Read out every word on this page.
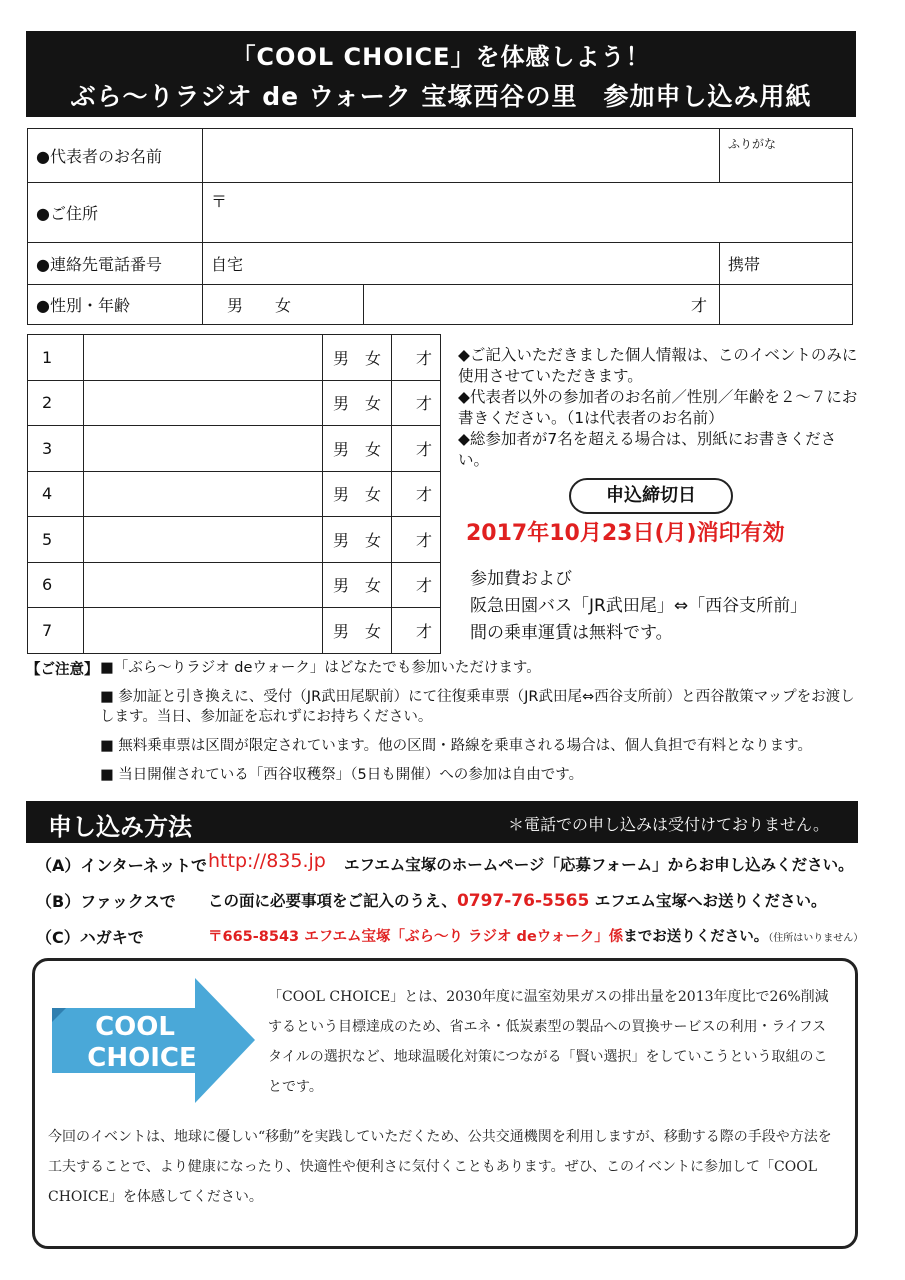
「COOL CHOICE」を体感しよう！
ぶら～りラジオ de ウォーク 宝塚西谷の里　参加申し込み用紙
●代表者のお名前			ふりがな
●ご住所	〒		
●連絡先電話番号	自宅		携帯
●性別・年齢	男　　女	才	
1		男　女	才
2		男　女	才
3		男　女	才
4		男　女	才
5		男　女	才
6		男　女	才
7		男　女	才
◆ご記入いただきました個人情報は、このイベントのみに使用させていただきます。
◆代表者以外の参加者のお名前／性別／年齢を２～７にお書きください。（1は代表者のお名前）
◆総参加者が7名を超える場合は、別紙にお書きください。
申込締切日
2017年10月23日(月)消印有効
参加費および
阪急田園バス「JR武田尾」⇔「西谷支所前」
間の乗車運賃は無料です。
【ご注意】 ■「ぶら～りラジオ deウォーク」はどなたでも参加いただけます。
■ 参加証と引き換えに、受付（JR武田尾駅前）にて往復乗車票（JR武田尾⇔西谷支所前）と西谷散策マップをお渡しします。当日、参加証を忘れずにお持ちください。
■ 無料乗車票は区間が限定されています。他の区間・路線を乗車される場合は、個人負担で有料となります。
■ 当日開催されている「西谷収穫祭」（5日も開催）への参加は自由です。
申し込み方法	＊電話での申し込みは受付けておりません。
（A）インターネットで http://835.jp エフエム宝塚のホームページ「応募フォーム」からお申し込みください。
（B）ファックスで この面に必要事項をご記入のうえ、0797-76-5565 エフエム宝塚へお送りください。
（C）ハガキで	〒665-8543 エフエム宝塚「ぶら～り ラジオ deウォーク」係までお送りください。（住所はいりません）
COOL
CHOICE
「COOL CHOICE」とは、2030年度に温室効果ガスの排出量を2013年度比で26%削減するという目標達成のため、省エネ・低炭素型の製品への買換サービスの利用・ライフスタイルの選択など、地球温暖化対策につながる「賢い選択」をしていこうという取組のことです。
今回のイベントは、地球に優しい“移動”を実践していただくため、公共交通機関を利用しますが、移動する際の手段や方法を工夫することで、より健康になったり、快適性や便利さに気付くこともあります。ぜひ、このイベントに参加して「COOL CHOICE」を体感してください。
